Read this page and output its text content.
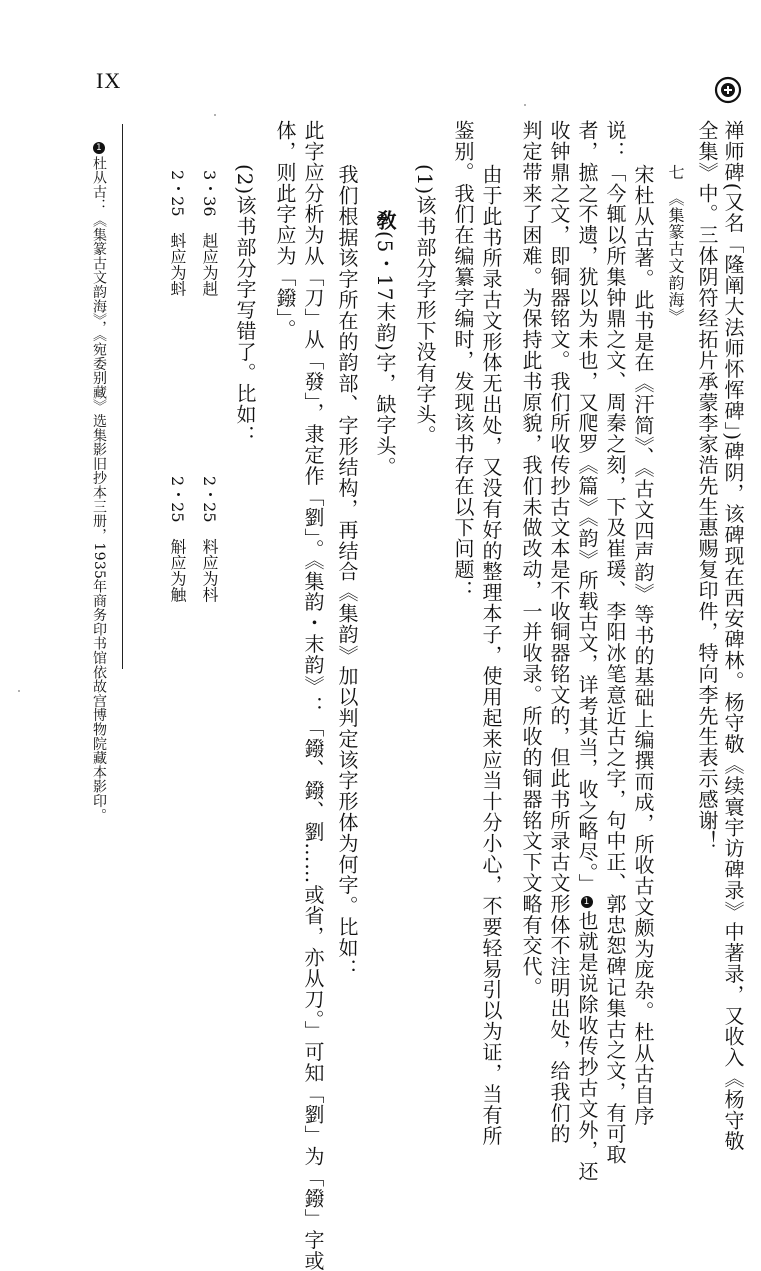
IX
禅师碑(又名「隆阐大法师怀恽碑」)碑阴，该碑现在西安碑林。杨守敬《续寰宇访碑录》中著录，又收入《杨守敬
全集》中。三体阴符经拓片承蒙李家浩先生惠赐复印件，特向李先生表示感谢！
七　《集篆古文韵海》
宋杜从古著。此书是在《汗简》、《古文四声韵》等书的基础上编撰而成，所收古文颇为庞杂。杜从古自序
说：「今辄以所集钟鼎之文、周秦之刻，下及崔瑗、李阳冰笔意近古之字，句中正、郭忠恕碑记集古之文，有可取
者，摭之不遗，犹以为未也，又爬罗《篇》《韵》所载古文，详考其当，收之略尽。」1也就是说除收传抄古文外，还
收钟鼎之文，即铜器铭文。我们所收传抄古文本是不收铜器铭文的，但此书所录古文形体不注明出处，给我们的
判定带来了困难。为保持此书原貌，我们未做改动，一并收录。所收的铜器铭文下文略有交代。
由于此书所录古文形体无出处，又没有好的整理本子，使用起来应当十分小心，不要轻易引以为证，当有所
鉴别。我们在编纂字编时，发现该书存在以下问题：
(1)该书部分字形下没有字头。
敎(5・17末韵)字，缺字头。
我们根据该字所在的韵部、字形结构，再结合《集韵》加以判定该字形体为何字。比如：
此字应分析为从「刀」从「發」，隶定作「劉」。《集韵・末韵》：「鏺、鏺、劉……或省，亦从刀。」可知「劉」为「鏺」字或
体，则此字应为「鏺」。
(2)该书部分字写错了。比如：
3・36　赳应为赳
2・25　蚪应为蚪
2・25　料应为枓
2・25　斛应为触
1杜从古：《集篆古文韵海》，《宛委别藏》选集影旧抄本三册，1935年商务印书馆依故宫博物院藏本影印。
